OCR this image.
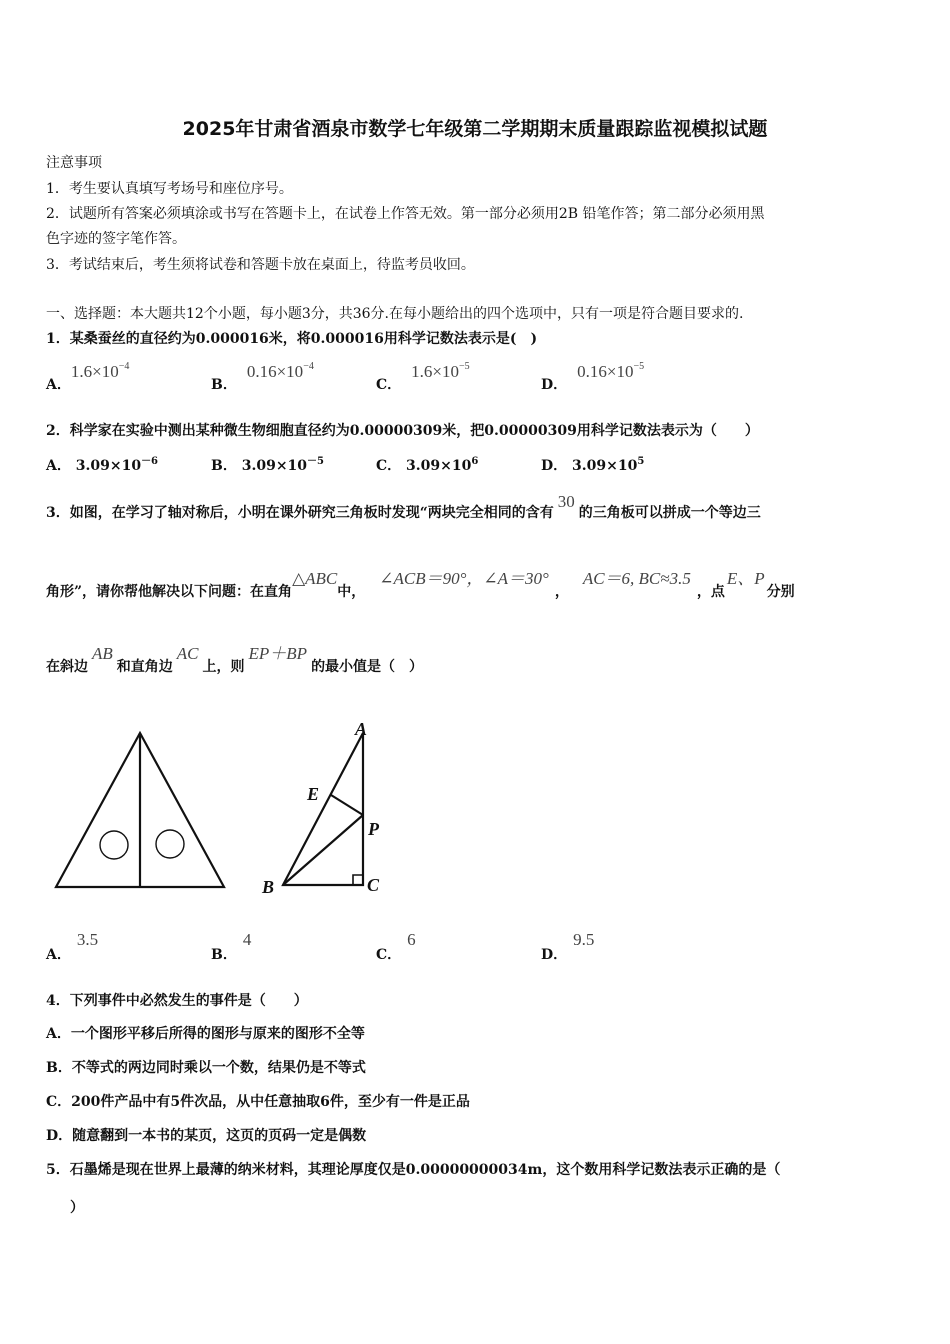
2025年甘肃省酒泉市数学七年级第二学期期末质量跟踪监视模拟试题
注意事项
1．考生要认真填写考场号和座位序号。
2．试题所有答案必须填涂或书写在答题卡上，在试卷上作答无效。第一部分必须用2B 铅笔作答；第二部分必须用黑
色字迹的签字笔作答。
3．考试结束后，考生须将试卷和答题卡放在桌面上，待监考员收回。
一、选择题：本大题共12个小题，每小题3分，共36分.在每小题给出的四个选项中，只有一项是符合题目要求的.
1．某桑蚕丝的直径约为0.000016米，将0.000016用科学记数法表示是(　)
A．$1.6\times 10^{-4}$
B．$0.16\times 10^{-4}$
C．$1.6\times 10^{-5}$
D．$0.16\times 10^{-5}$
2．科学家在实验中测出某种微生物细胞直径约为0.00000309米，把0.00000309用科学记数法表示为（　　）
A． $3.09\times 10^{-6}$	B． $3.09\times 10^{-5}$	C． $3.09\times 10^6$	D． $3.09\times 10^5$
3．如图，在学习了轴对称后，小明在课外研究三角板时发现“两块完全相同的含有30的三角板可以拼成一个等边三
角形”，请你帮他解决以下问题：在直角△ABC中，∠ACB＝90°，∠A＝30°，AC＝6, BC≈3.5，点E、P分别
在斜边AB和直角边AC上，则EP＋BP的最小值是（　）
A
E
P
B	C
A．3.5
B．4
C．6
D．9.5
4．下列事件中必然发生的事件是（　　）
A．一个图形平移后所得的图形与原来的图形不全等
B．不等式的两边同时乘以一个数，结果仍是不等式
C．200件产品中有5件次品，从中任意抽取6件，至少有一件是正品
D．随意翻到一本书的某页，这页的页码一定是偶数
5．石墨烯是现在世界上最薄的纳米材料，其理论厚度仅是0.00000000034m，这个数用科学记数法表示正确的是（
）
